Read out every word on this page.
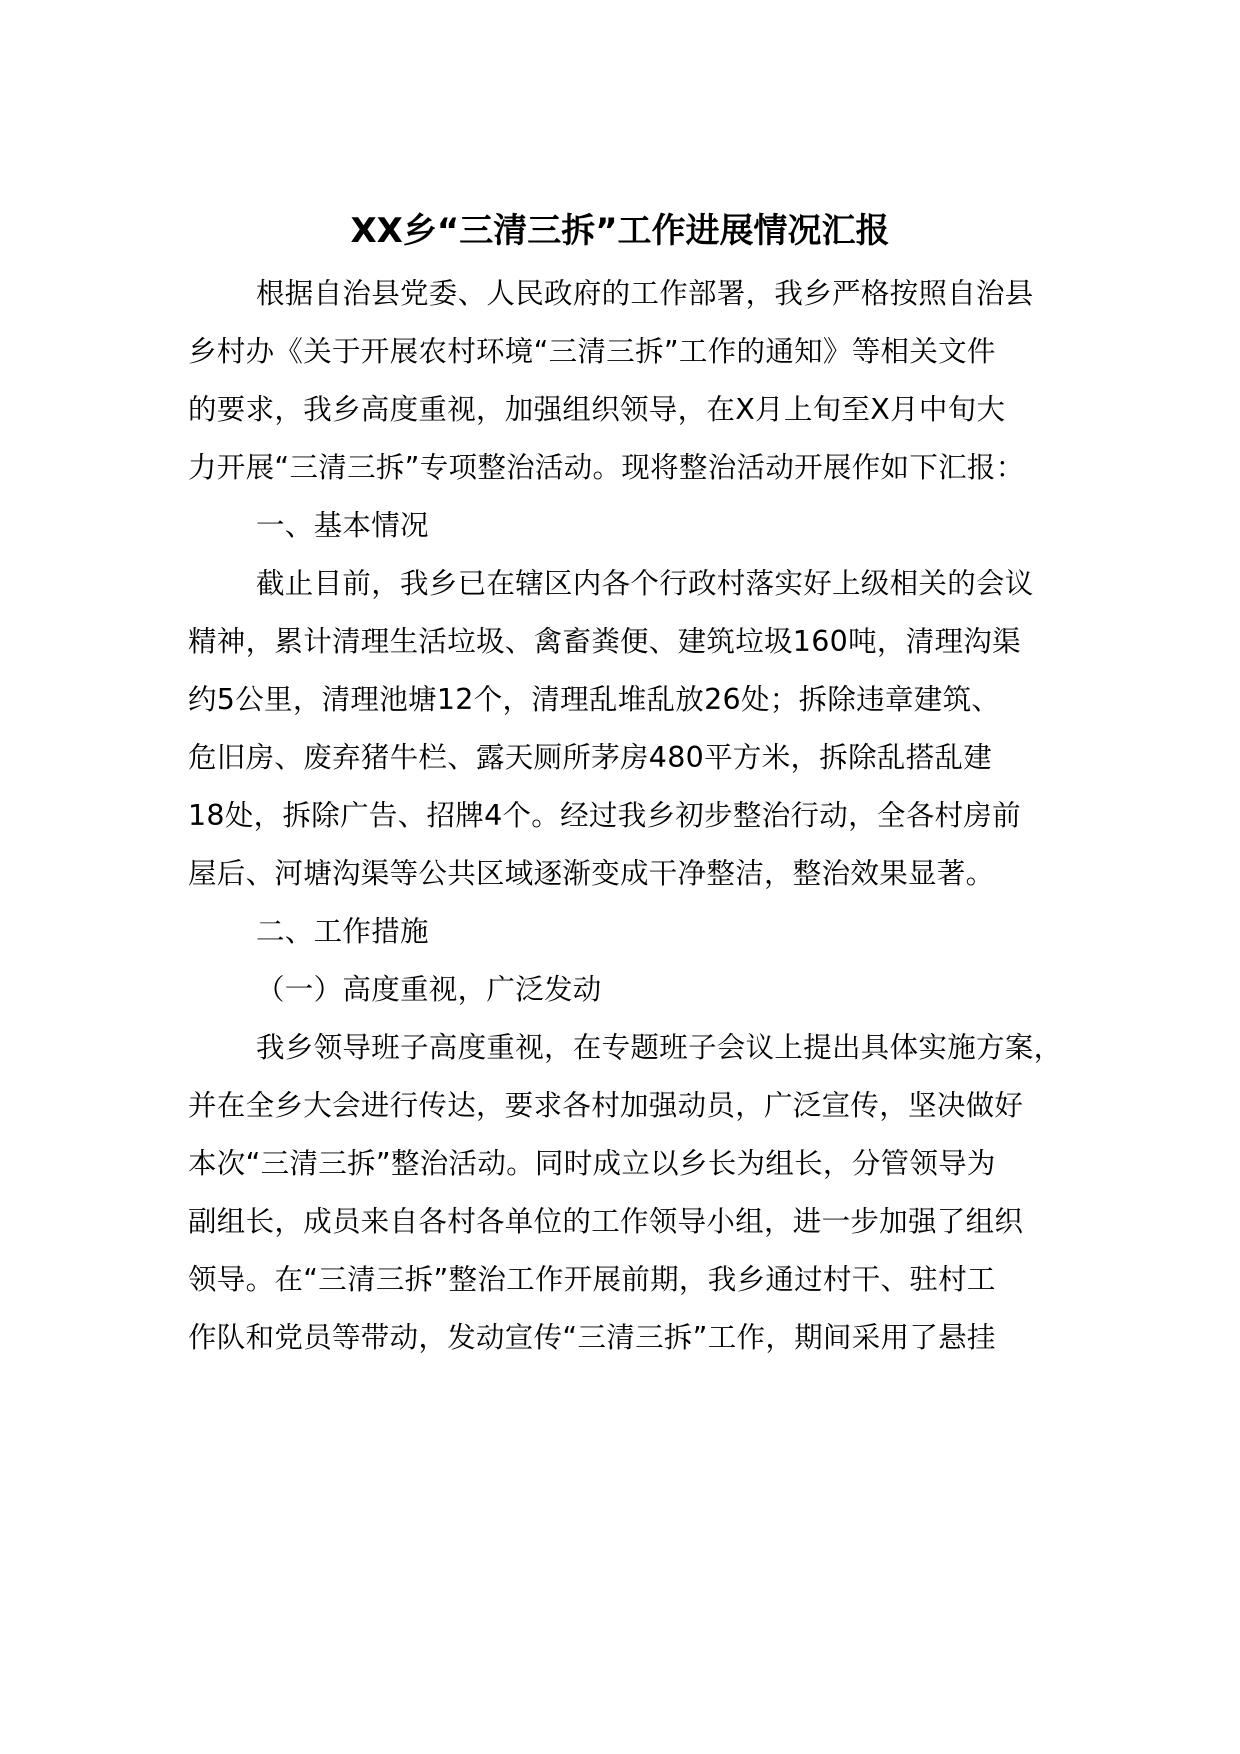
XX乡“三清三拆”工作进展情况汇报
根据自治县党委、人民政府的工作部署，我乡严格按照自治县
乡村办《关于开展农村环境“三清三拆”工作的通知》等相关文件
的要求，我乡高度重视，加强组织领导，在X月上旬至X月中旬大
力开展“三清三拆”专项整治活动。现将整治活动开展作如下汇报：
一、基本情况
截止目前，我乡已在辖区内各个行政村落实好上级相关的会议
精神，累计清理生活垃圾、禽畜粪便、建筑垃圾160吨，清理沟渠
约5公里，清理池塘12个，清理乱堆乱放26处；拆除违章建筑、
危旧房、废弃猪牛栏、露天厕所茅房480平方米，拆除乱搭乱建
18处，拆除广告、招牌4个。经过我乡初步整治行动，全各村房前
屋后、河塘沟渠等公共区域逐渐变成干净整洁，整治效果显著。
二、工作措施
（一）高度重视，广泛发动
我乡领导班子高度重视，在专题班子会议上提出具体实施方案，
并在全乡大会进行传达，要求各村加强动员，广泛宣传，坚决做好
本次“三清三拆”整治活动。同时成立以乡长为组长，分管领导为
副组长，成员来自各村各单位的工作领导小组，进一步加强了组织
领导。在“三清三拆”整治工作开展前期，我乡通过村干、驻村工
作队和党员等带动，发动宣传“三清三拆”工作，期间采用了悬挂
